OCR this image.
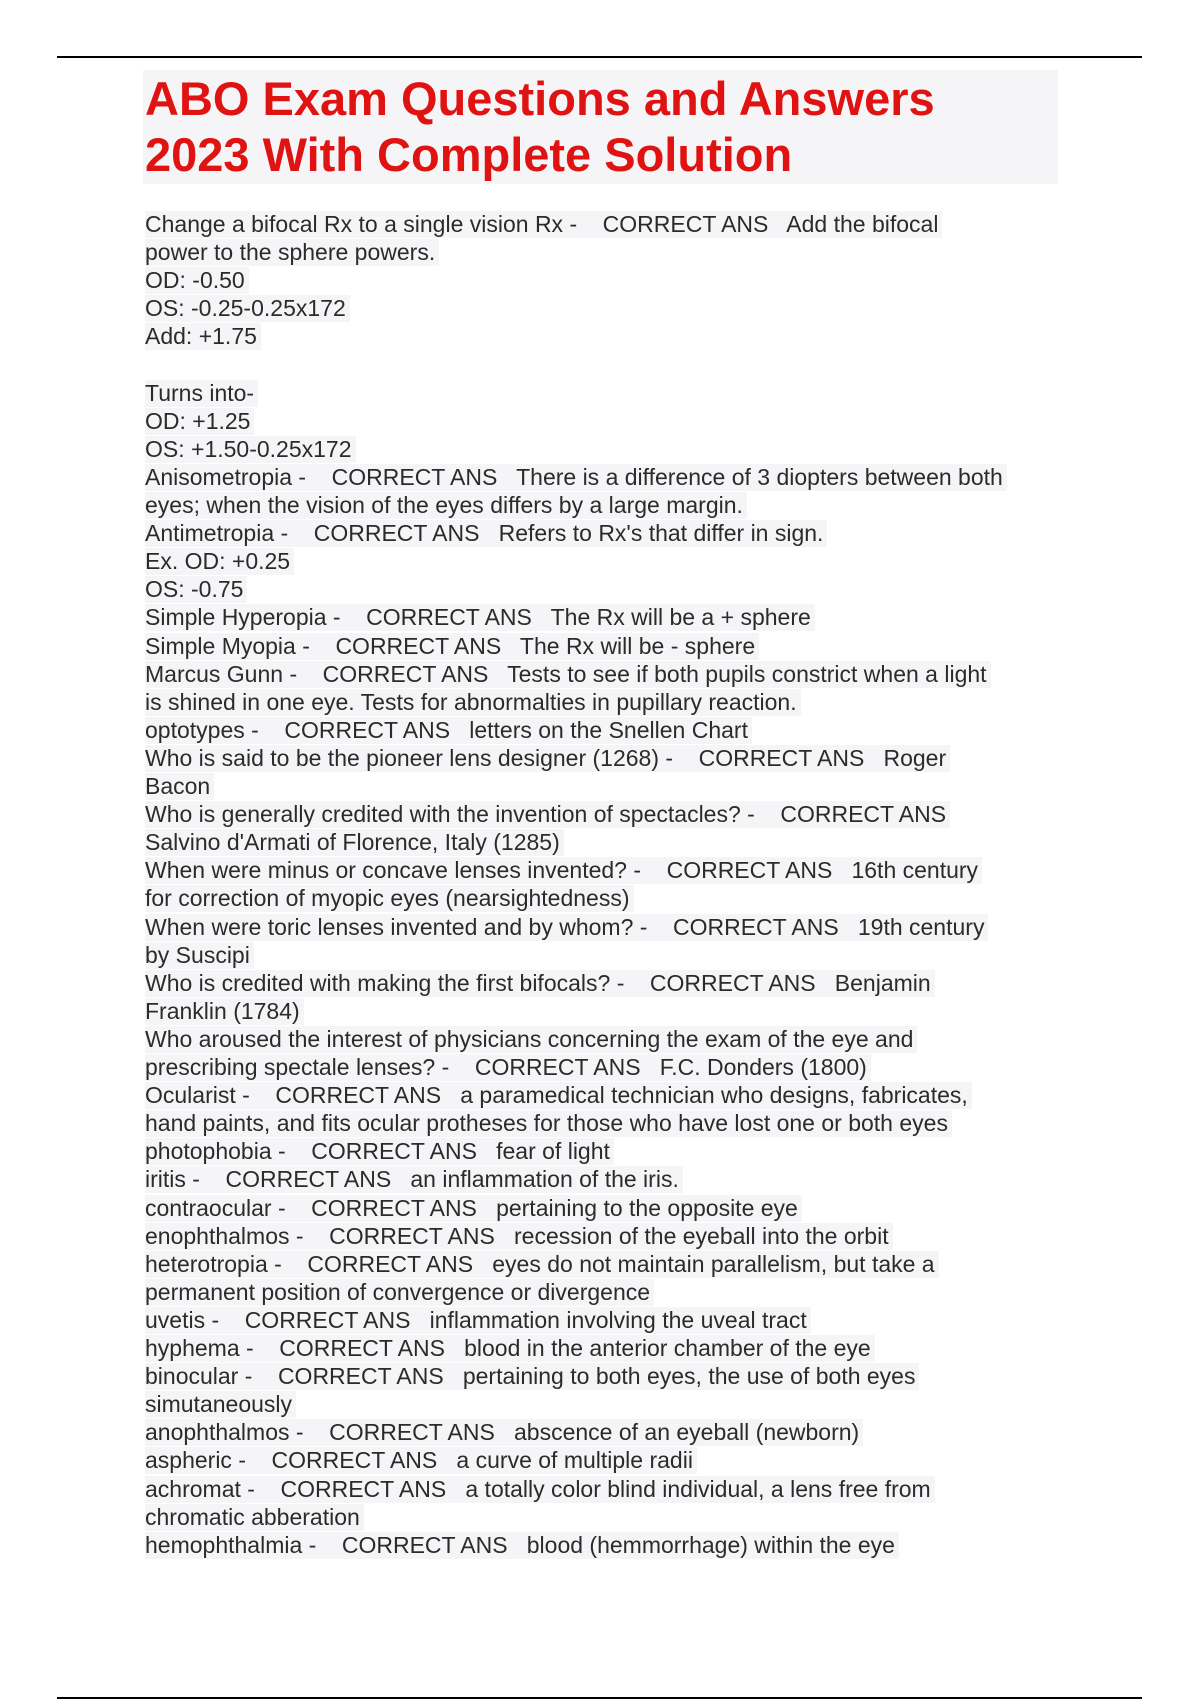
ABO Exam Questions and Answers
2023 With Complete Solution
Change a bifocal Rx to a single vision Rx -    CORRECT ANS   Add the bifocal
power to the sphere powers.
OD: -0.50
OS: -0.25-0.25x172
Add: +1.75
Turns into-
OD: +1.25
OS: +1.50-0.25x172
Anisometropia -    CORRECT ANS   There is a difference of 3 diopters between both
eyes; when the vision of the eyes differs by a large margin.
Antimetropia -    CORRECT ANS   Refers to Rx's that differ in sign.
Ex. OD: +0.25
OS: -0.75
Simple Hyperopia -    CORRECT ANS   The Rx will be a + sphere
Simple Myopia -    CORRECT ANS   The Rx will be - sphere
Marcus Gunn -    CORRECT ANS   Tests to see if both pupils constrict when a light
is shined in one eye. Tests for abnormalties in pupillary reaction.
optotypes -    CORRECT ANS   letters on the Snellen Chart
Who is said to be the pioneer lens designer (1268) -    CORRECT ANS   Roger
Bacon
Who is generally credited with the invention of spectacles? -    CORRECT ANS
Salvino d'Armati of Florence, Italy (1285)
When were minus or concave lenses invented? -    CORRECT ANS   16th century
for correction of myopic eyes (nearsightedness)
When were toric lenses invented and by whom? -    CORRECT ANS   19th century
by Suscipi
Who is credited with making the first bifocals? -    CORRECT ANS   Benjamin
Franklin (1784)
Who aroused the interest of physicians concerning the exam of the eye and
prescribing spectale lenses? -    CORRECT ANS   F.C. Donders (1800)
Ocularist -    CORRECT ANS   a paramedical technician who designs, fabricates,
hand paints, and fits ocular protheses for those who have lost one or both eyes
photophobia -    CORRECT ANS   fear of light
iritis -    CORRECT ANS   an inflammation of the iris.
contraocular -    CORRECT ANS   pertaining to the opposite eye
enophthalmos -    CORRECT ANS   recession of the eyeball into the orbit
heterotropia -    CORRECT ANS   eyes do not maintain parallelism, but take a
permanent position of convergence or divergence
uvetis -    CORRECT ANS   inflammation involving the uveal tract
hyphema -    CORRECT ANS   blood in the anterior chamber of the eye
binocular -    CORRECT ANS   pertaining to both eyes, the use of both eyes
simutaneously
anophthalmos -    CORRECT ANS   abscence of an eyeball (newborn)
aspheric -    CORRECT ANS   a curve of multiple radii
achromat -    CORRECT ANS   a totally color blind individual, a lens free from
chromatic abberation
hemophthalmia -    CORRECT ANS   blood (hemmorrhage) within the eye
